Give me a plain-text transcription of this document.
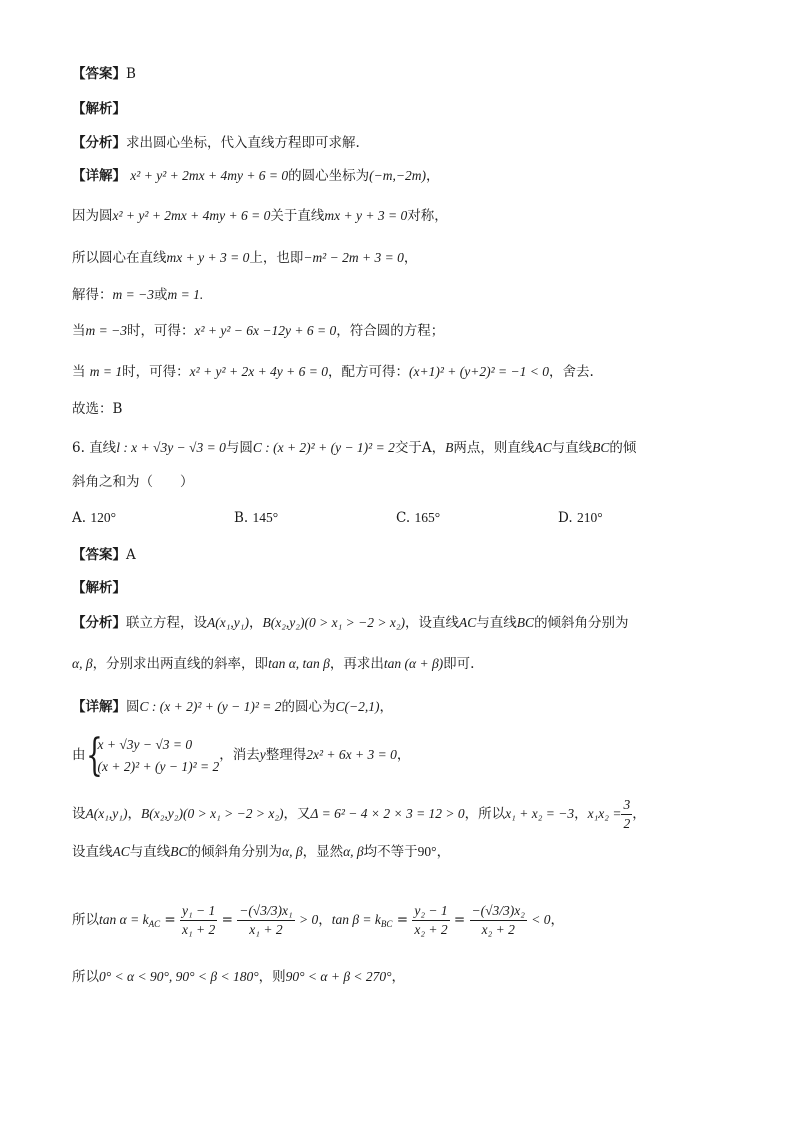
【答案】B
【解析】
【分析】求出圆心坐标，代入直线方程即可求解.
【详解】 x² + y² + 2mx + 4my + 6 = 0的圆心坐标为(−m,−2m)，
因为圆x² + y² + 2mx + 4my + 6 = 0关于直线mx + y + 3 = 0对称，
所以圆心在直线mx + y + 3 = 0上，也即−m² − 2m + 3 = 0，
解得：m = −3或m = 1.
当m = −3时，可得：x² + y² − 6x −12y + 6 = 0，符合圆的方程；
当 m = 1时，可得：x² + y² + 2x + 4y + 6 = 0，配方可得：(x+1)² + (y+2)² = −1 < 0，舍去.
故选：B
6. 直线l : x + √3y − √3 = 0与圆C : (x + 2)² + (y − 1)² = 2交于A，B两点，则直线AC与直线BC的倾
斜角之和为（　　）
A. 120°	B. 145°	C. 165°	D. 210°
【答案】A
【解析】
【分析】联立方程，设A(x₁,y₁)，B(x₂,y₂)(0 > x₁ > −2 > x₂)，设直线AC与直线BC的倾斜角分别为
α, β，分别求出两直线的斜率，即tan α, tan β，再求出tan (α + β)即可.
【详解】圆C : (x + 2)² + (y − 1)² = 2的圆心为C(−2,1)，
由 {
x + √3y − √3 = 0
(x + 2)² + (y − 1)² = 2
，消去y整理得2x² + 6x + 3 = 0，
设A(x₁,y₁)，B(x₂,y₂)(0 > x₁ > −2 > x₂)，又Δ = 6² − 4 × 2 × 3 = 12 > 0，所以x₁ + x₂ = −3，$x_1x_2 = \frac{3}{2}$ ，
设直线AC与直线BC的倾斜角分别为α, β，显然α, β均不等于90°，
所以$\tan \alpha = k_{AC} = \frac{\text{y₁ − 1}}{\text{x₁ + 2}} = \frac{\text{−(√3/3)x₁}}{\text{x₁ + 2}} > 0$，$\tan \beta = k_{BC} = \frac{\text{y₂ − 1}}{\text{x₂ + 2}} = \frac{\text{−(√3/3)x₂}}{\text{x₂ + 2}} < 0$，
所以0° < α < 90°, 90° < β < 180°，则90° < α + β < 270°，
